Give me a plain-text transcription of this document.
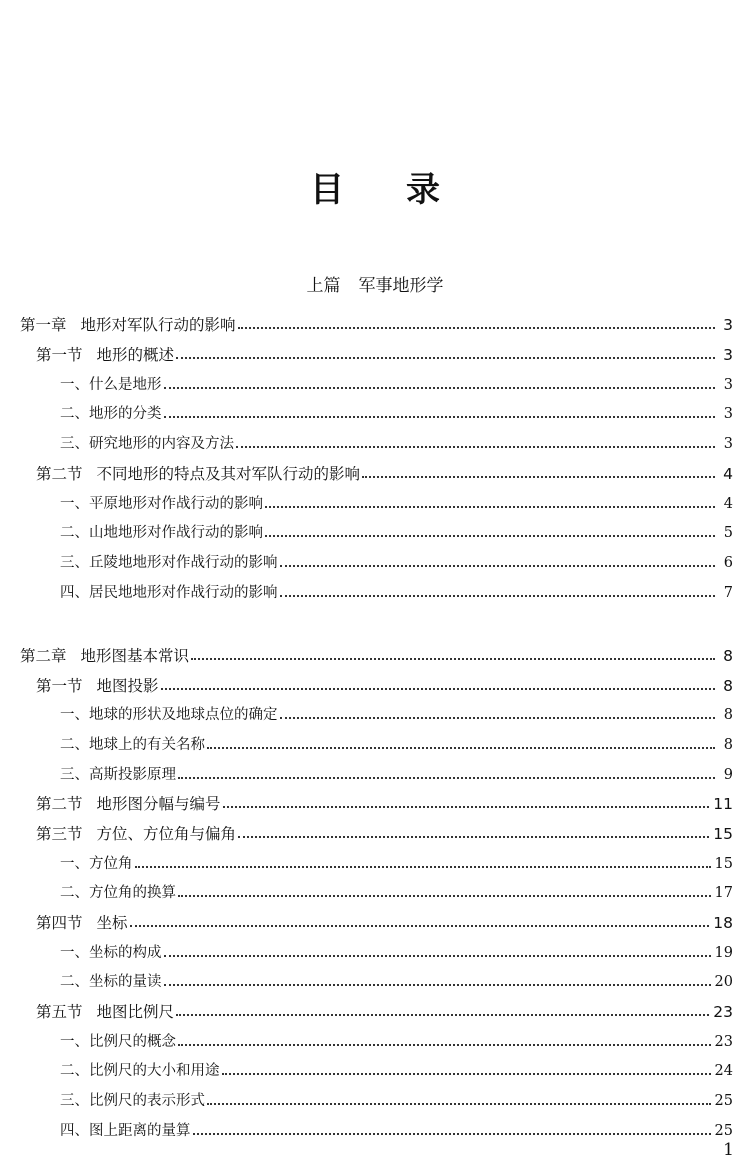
目 录
上篇 军事地形学
第一章 地形对军队行动的影响	3
第一节 地形的概述	3
一、 什么是地形	3
二、 地形的分类	3
三、 研究地形的内容及方法	3
第二节 不同地形的特点及其对军队行动的影响	4
一、 平原地形对作战行动的影响	4
二、 山地地形对作战行动的影响	5
三、 丘陵地地形对作战行动的影响	6
四、 居民地地形对作战行动的影响	7
第二章 地形图基本常识	8
第一节 地图投影	8
一、 地球的形状及地球点位的确定	8
二、 地球上的有关名称	8
三、 高斯投影原理	9
第二节 地形图分幅与编号	11
第三节 方位、方位角与偏角	15
一、 方位角	15
二、 方位角的换算	17
第四节 坐标	18
一、 坐标的构成	19
二、 坐标的量读	20
第五节 地图比例尺	23
一、 比例尺的概念	23
二、 比例尺的大小和用途	24
三、 比例尺的表示形式	25
四、 图上距离的量算	25
1
